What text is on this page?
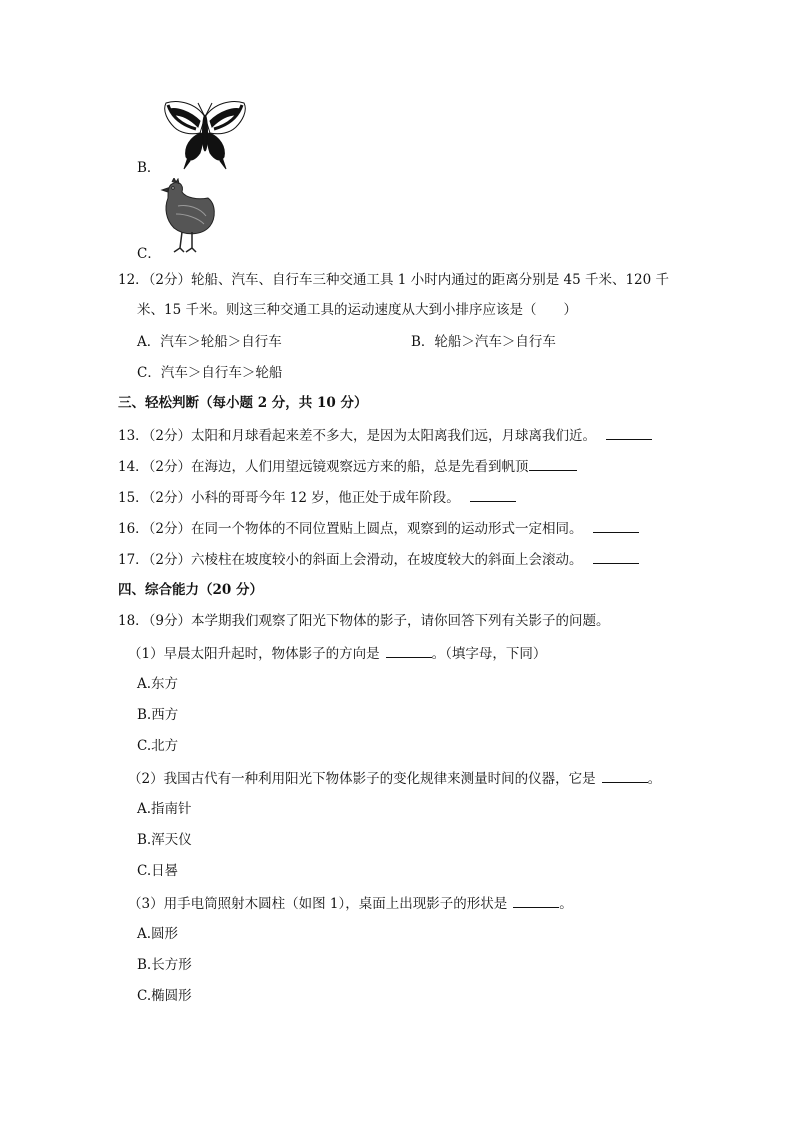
B．
C．
12．（2分）轮船、汽车、自行车三种交通工具 1 小时内通过的距离分别是 45 千米、120 千
米、15 千米。则这三种交通工具的运动速度从大到小排序应该是（　　）
A．汽车＞轮船＞自行车	B．轮船＞汽车＞自行车
C．汽车＞自行车＞轮船
三、轻松判断（每小题 2 分，共 10 分）
13．（2分）太阳和月球看起来差不多大，是因为太阳离我们远，月球离我们近。
14．（2分）在海边，人们用望远镜观察远方来的船，总是先看到帆顶
15．（2分）小科的哥哥今年 12 岁，他正处于成年阶段。
16．（2分）在同一个物体的不同位置贴上圆点，观察到的运动形式一定相同。
17．（2分）六棱柱在坡度较小的斜面上会滑动，在坡度较大的斜面上会滚动。
四、综合能力（20 分）
18．（9分）本学期我们观察了阳光下物体的影子，请你回答下列有关影子的问题。
（1）早晨太阳升起时，物体影子的方向是	。（填字母，下同）
A.东方
B.西方
C.北方
（2）我国古代有一种利用阳光下物体影子的变化规律来测量时间的仪器，它是	。
A.指南针
B.浑天仪
C.日晷
（3）用手电筒照射木圆柱（如图 1），桌面上出现影子的形状是	。
A.圆形
B.长方形
C.椭圆形
